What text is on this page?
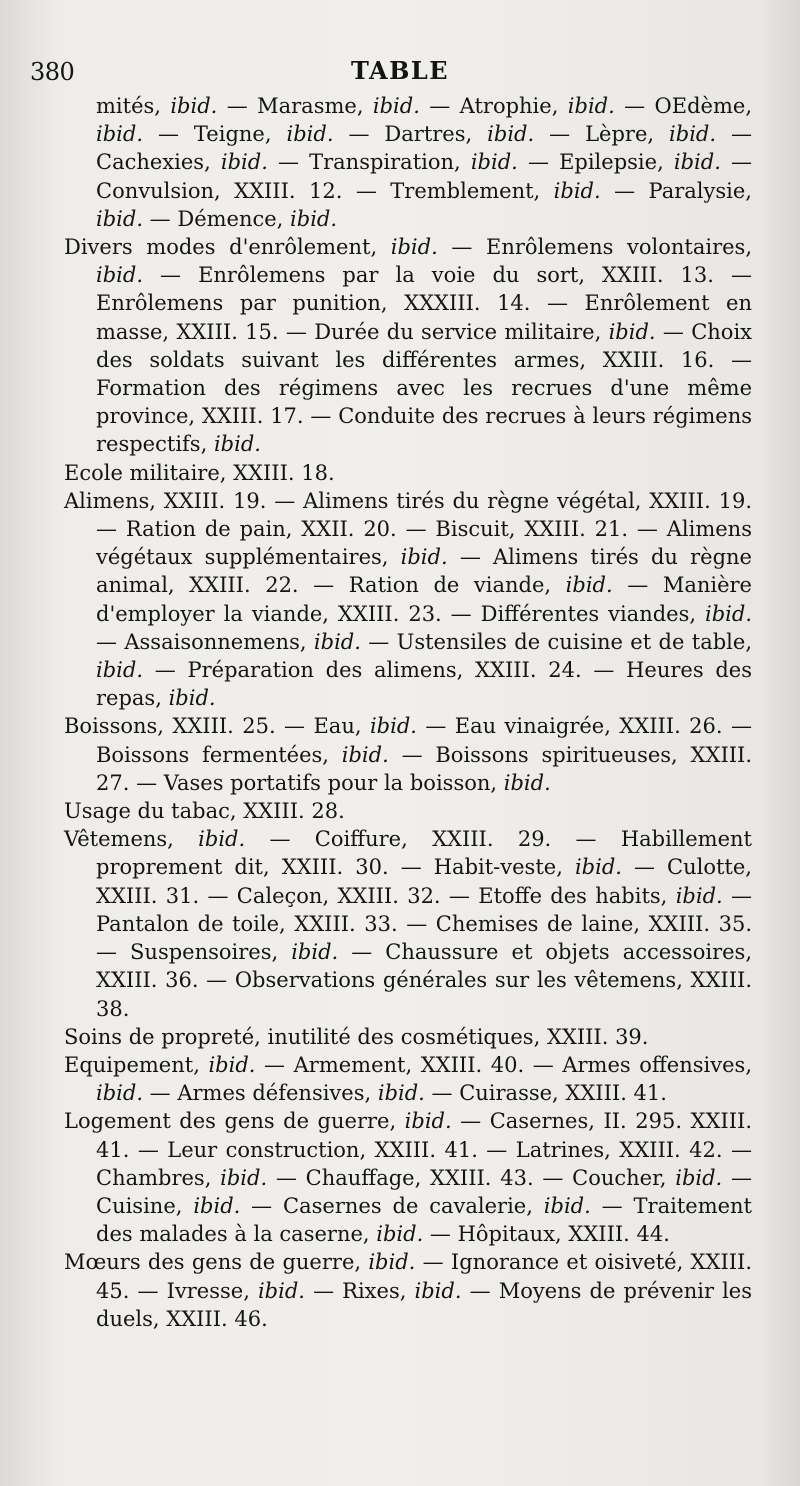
380	TABLE

mités, ibid. — Marasme, ibid. — Atrophie, ibid. — OEdème, ibid. — Teigne, ibid. — Dartres, ibid. — Lèpre, ibid. — Cachexies, ibid. — Transpiration, ibid. — Epilepsie, ibid. — Convulsion, XXIII. 12. — Tremblement, ibid. — Paralysie, ibid. — Démence, ibid.

Divers modes d'enrôlement, ibid. — Enrôlemens volontaires, ibid. — Enrôlemens par la voie du sort, XXIII. 13. — Enrôlemens par punition, XXXIII. 14. — Enrôlement en masse, XXIII. 15. — Durée du service militaire, ibid. — Choix des soldats suivant les différentes armes, XXIII. 16. — Formation des régimens avec les recrues d'une même province, XXIII. 17. — Conduite des recrues à leurs régimens respectifs, ibid.

Ecole militaire, XXIII. 18.

Alimens, XXIII. 19. — Alimens tirés du règne végétal, XXIII. 19. — Ration de pain, XXII. 20. — Biscuit, XXIII. 21. — Alimens végétaux supplémentaires, ibid. — Alimens tirés du règne animal, XXIII. 22. — Ration de viande, ibid. — Manière d'employer la viande, XXIII. 23. — Différentes viandes, ibid. — Assaisonnemens, ibid. — Ustensiles de cuisine et de table, ibid. — Préparation des alimens, XXIII. 24. — Heures des repas, ibid.

Boissons, XXIII. 25. — Eau, ibid. — Eau vinaigrée, XXIII. 26. — Boissons fermentées, ibid. — Boissons spiritueuses, XXIII. 27. — Vases portatifs pour la boisson, ibid.

Usage du tabac, XXIII. 28.

Vêtemens, ibid. — Coiffure, XXIII. 29. — Habillement proprement dit, XXIII. 30. — Habit-veste, ibid. — Culotte, XXIII. 31. — Caleçon, XXIII. 32. — Etoffe des habits, ibid. — Pantalon de toile, XXIII. 33. — Chemises de laine, XXIII. 35. — Suspensoires, ibid. — Chaussure et objets accessoires, XXIII. 36. — Observations générales sur les vêtemens, XXIII. 38.

Soins de propreté, inutilité des cosmétiques, XXIII. 39.

Equipement, ibid. — Armement, XXIII. 40. — Armes offensives, ibid. — Armes défensives, ibid. — Cuirasse, XXIII. 41.

Logement des gens de guerre, ibid. — Casernes, II. 295. XXIII. 41. — Leur construction, XXIII. 41. — Latrines, XXIII. 42. — Chambres, ibid. — Chauffage, XXIII. 43. — Coucher, ibid. — Cuisine, ibid. — Casernes de cavalerie, ibid. — Traitement des malades à la caserne, ibid. — Hôpitaux, XXIII. 44.

Mœurs des gens de guerre, ibid. — Ignorance et oisiveté, XXIII. 45. — Ivresse, ibid. — Rixes, ibid. — Moyens de prévenir les duels, XXIII. 46.
